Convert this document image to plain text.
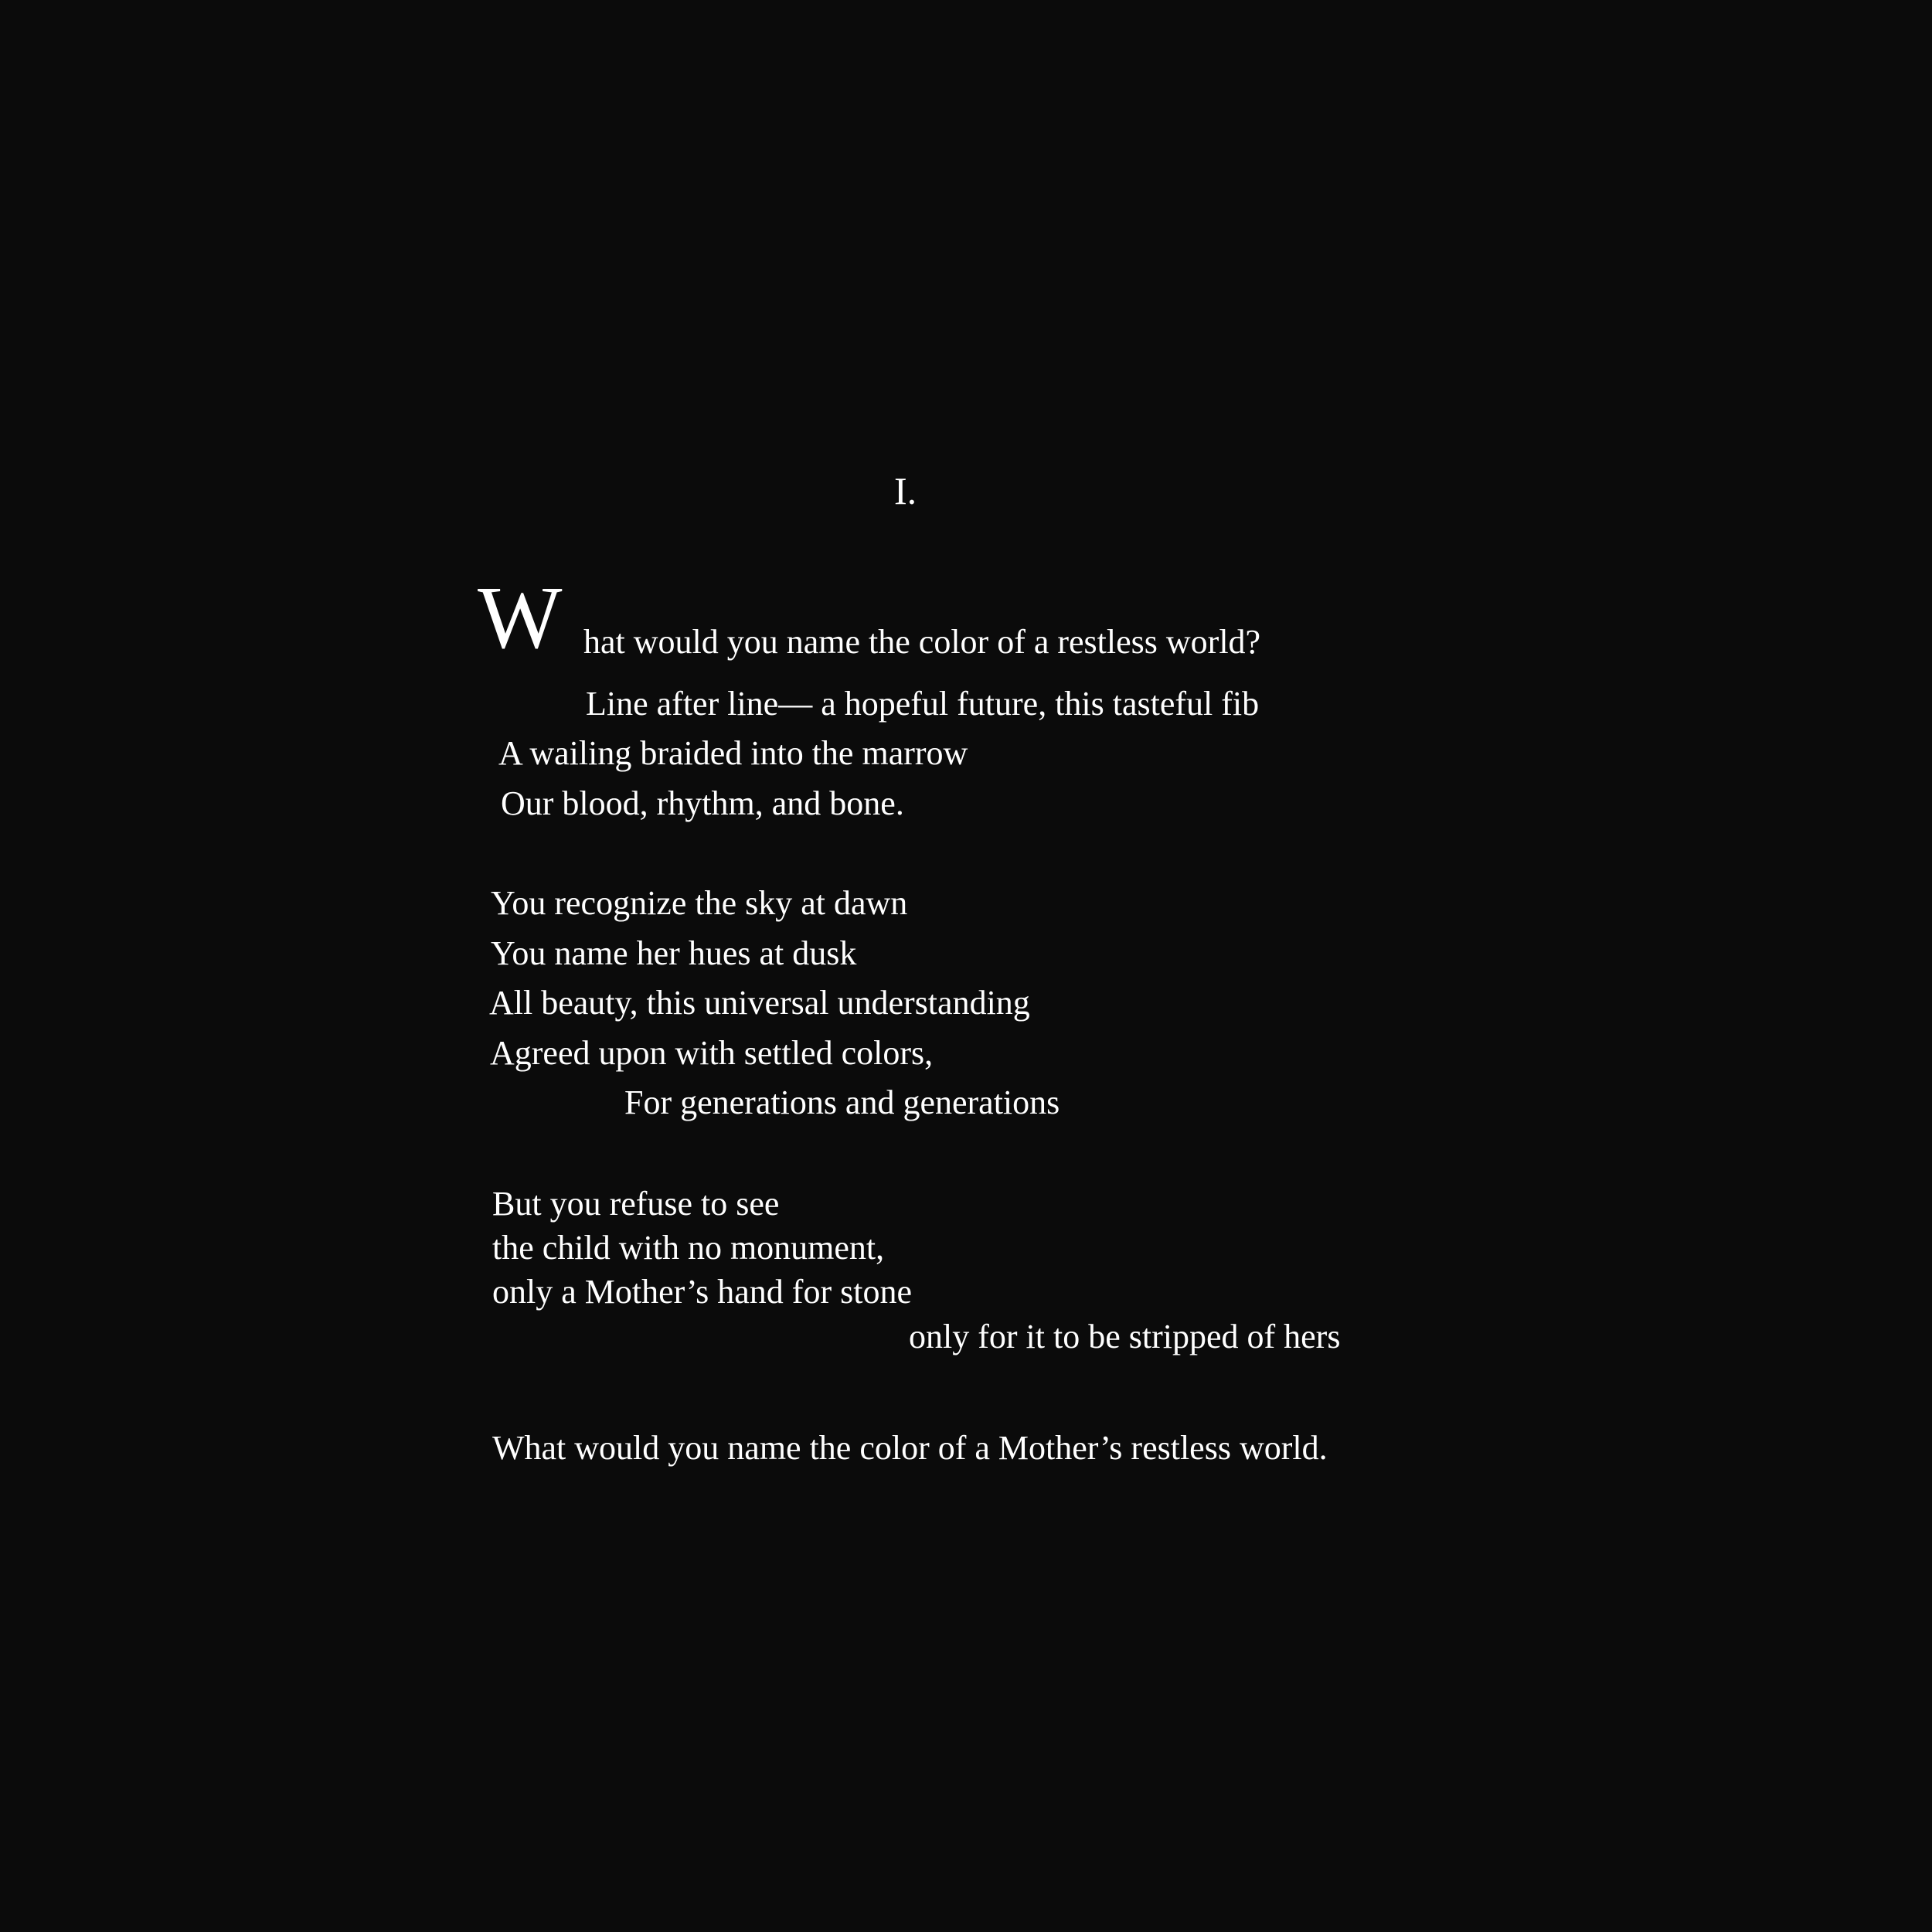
I.
W hat would you name the color of a restless world?
Line after line— a hopeful future, this tasteful fib
A wailing braided into the marrow
Our blood, rhythm, and bone.
You recognize the sky at dawn
You name her hues at dusk
All beauty, this universal understanding
Agreed upon with settled colors,
For generations and generations
But you refuse to see
the child with no monument,
only a Mother’s hand for stone
only for it to be stripped of hers
What would you name the color of a Mother’s restless world.
